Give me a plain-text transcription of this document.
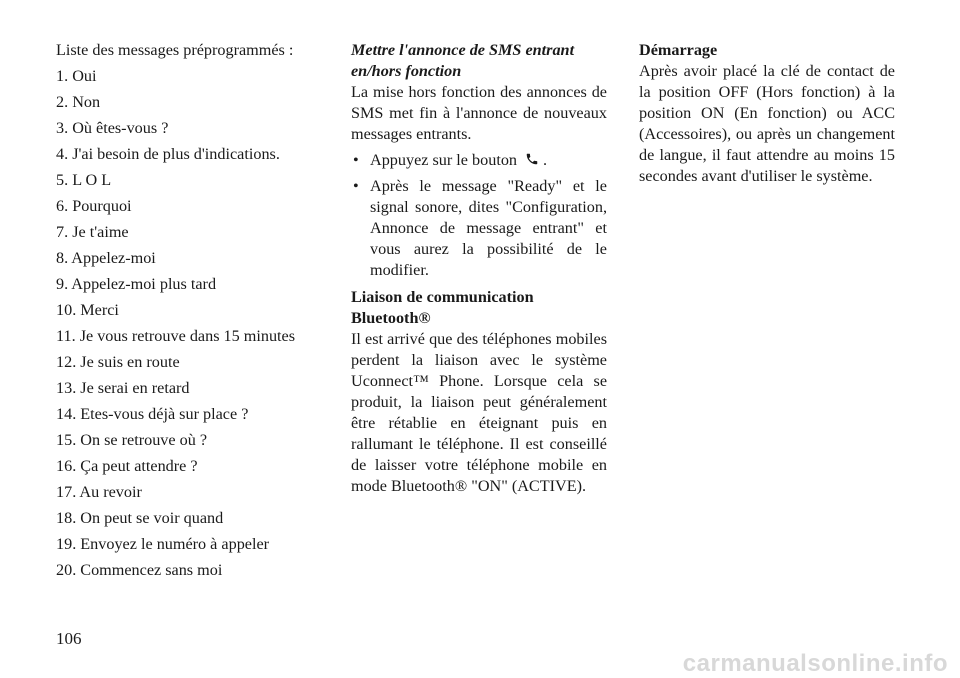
Liste des messages préprogrammés :

1. Oui
2. Non
3. Où êtes-vous ?
4. J'ai besoin de plus d'indications.
5. L O L
6. Pourquoi
7. Je t'aime
8. Appelez-moi
9. Appelez-moi plus tard
10. Merci
11. Je vous retrouve dans 15 minutes
12. Je suis en route
13. Je serai en retard
14. Etes-vous déjà sur place ?
15. On se retrouve où ?
16. Ça peut attendre ?
17. Au revoir
18. On peut se voir quand
19. Envoyez le numéro à appeler
20. Commencez sans moi

Mettre l'annonce de SMS entrant en/hors fonction

La mise hors fonction des annonces de SMS met fin à l'annonce de nouveaux messages entrants.

• Appuyez sur le bouton .
• Après le message "Ready" et le signal sonore, dites "Configuration, Annonce de message entrant" et vous aurez la possibilité de le modifier.

Liaison de communication Bluetooth®

Il est arrivé que des téléphones mobiles perdent la liaison avec le système Uconnect™ Phone. Lorsque cela se produit, la liaison peut généralement être rétablie en éteignant puis en rallumant le téléphone. Il est conseillé de laisser votre téléphone mobile en mode Bluetooth® "ON" (ACTIVE).

Démarrage

Après avoir placé la clé de contact de la position OFF (Hors fonction) à la position ON (En fonction) ou ACC (Accessoires), ou après un changement de langue, il faut attendre au moins 15 secondes avant d'utiliser le système.

106
carmanualsonline.info
